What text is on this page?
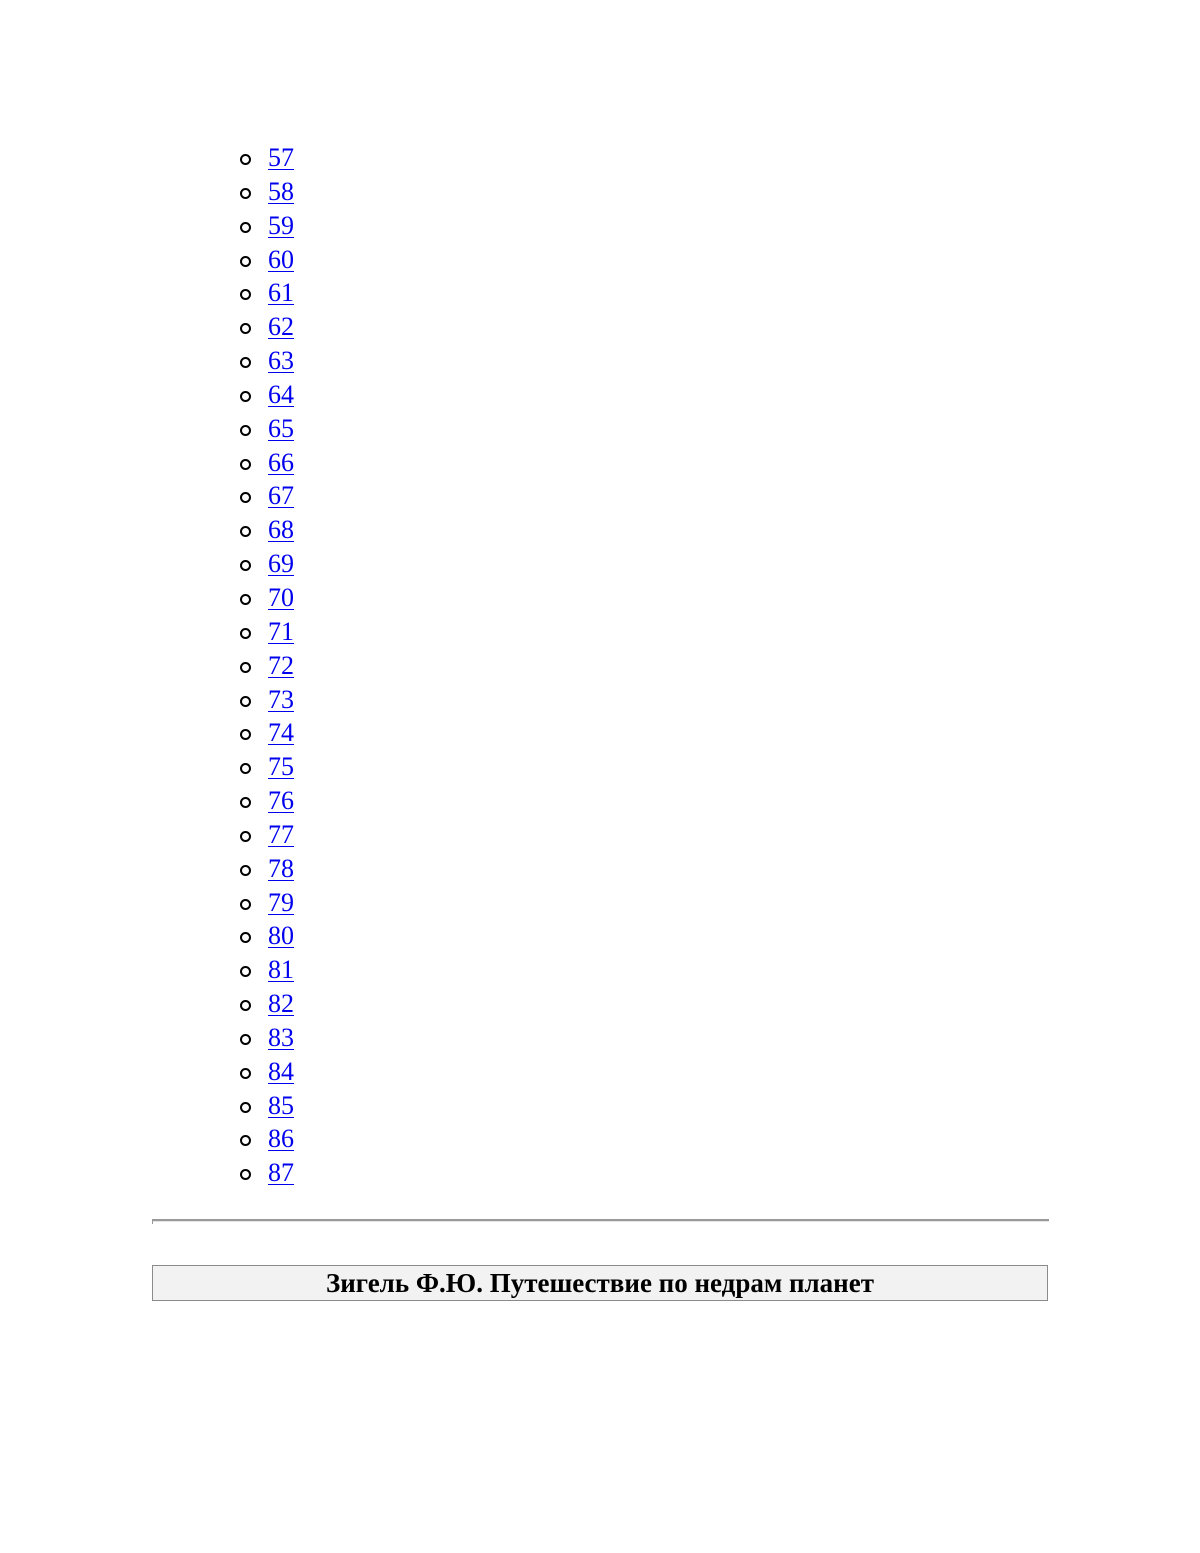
57
58
59
60
61
62
63
64
65
66
67
68
69
70
71
72
73
74
75
76
77
78
79
80
81
82
83
84
85
86
87
Зигель Ф.Ю. Путешествие по недрам планет
